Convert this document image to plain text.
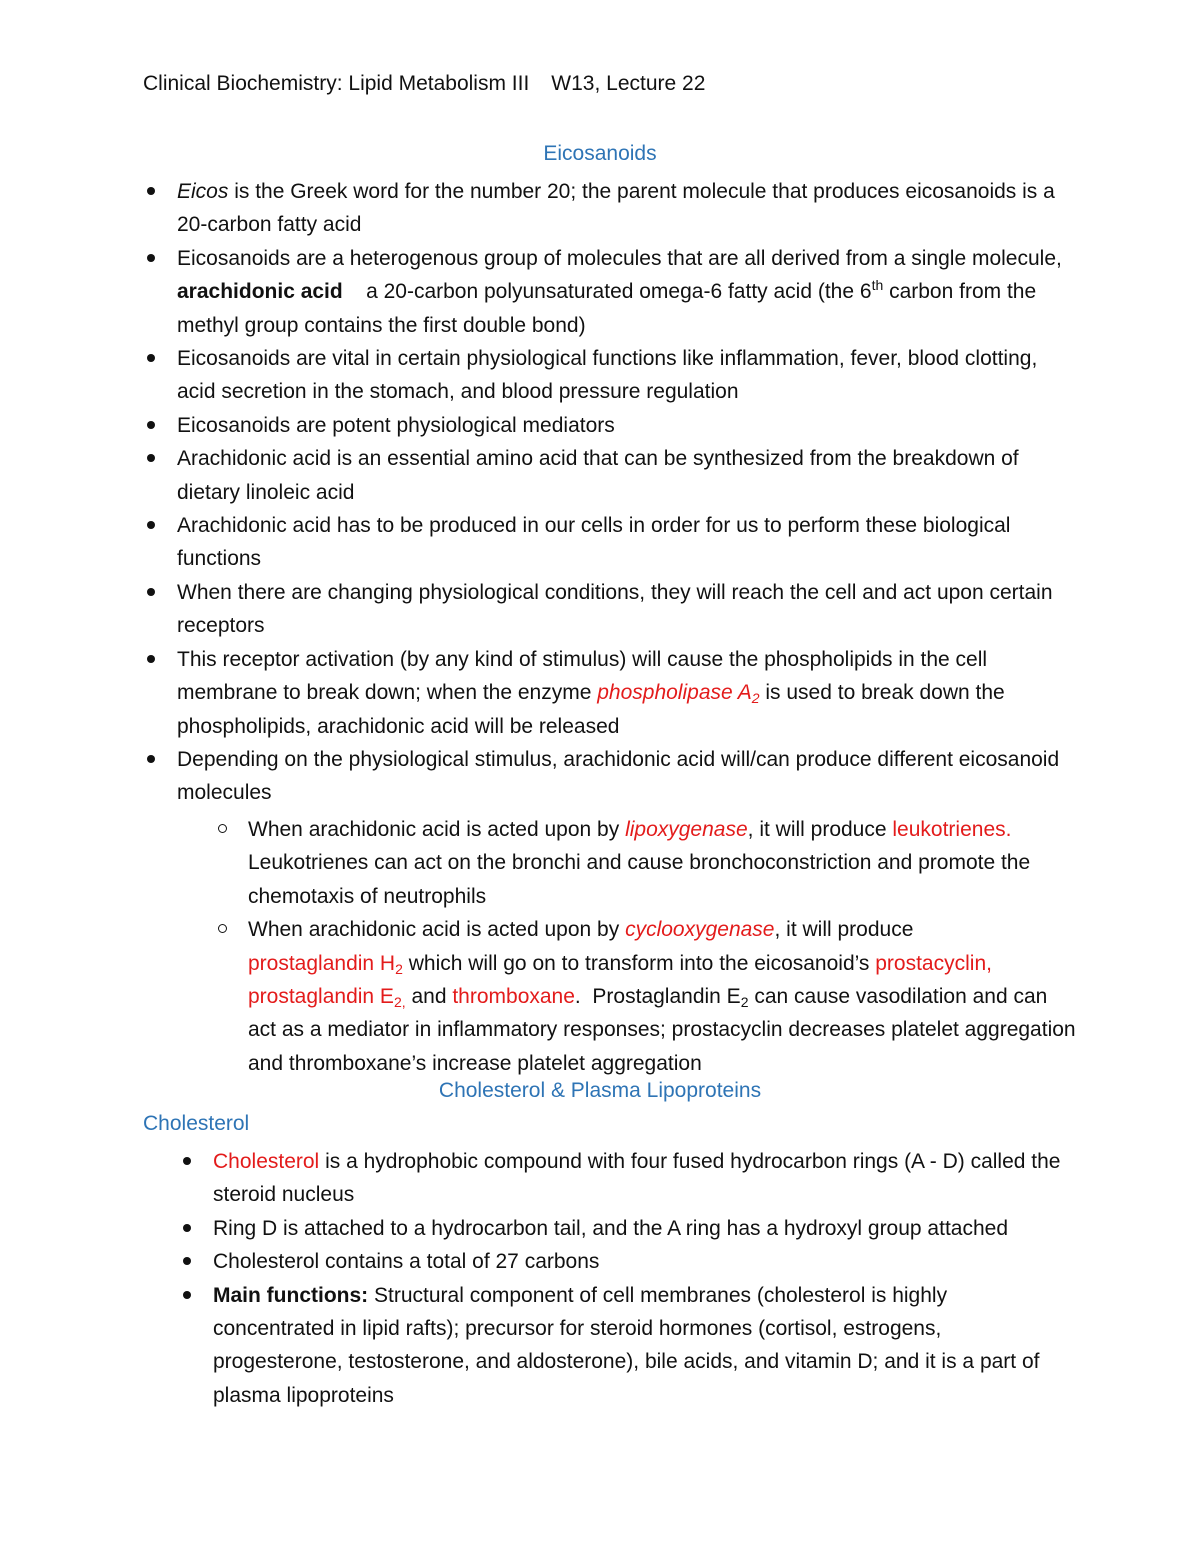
Clinical Biochemistry: Lipid Metabolism III W13, Lecture 22
Eicosanoids
Eicos is the Greek word for the number 20; the parent molecule that produces eicosanoids is a 20-carbon fatty acid
Eicosanoids are a heterogenous group of molecules that are all derived from a single molecule, arachidonic acid    a 20-carbon polyunsaturated omega-6 fatty acid (the 6th carbon from the methyl group contains the first double bond)
Eicosanoids are vital in certain physiological functions like inflammation, fever, blood clotting, acid secretion in the stomach, and blood pressure regulation
Eicosanoids are potent physiological mediators
Arachidonic acid is an essential amino acid that can be synthesized from the breakdown of dietary linoleic acid
Arachidonic acid has to be produced in our cells in order for us to perform these biological functions
When there are changing physiological conditions, they will reach the cell and act upon certain receptors
This receptor activation (by any kind of stimulus) will cause the phospholipids in the cell membrane to break down; when the enzyme phospholipase $A_2$ is used to break down the phospholipids, arachidonic acid will be released
Depending on the physiological stimulus, arachidonic acid will/can produce different eicosanoid molecules
When arachidonic acid is acted upon by lipoxygenase, it will produce leukotrienes. Leukotrienes can act on the bronchi and cause bronchoconstriction and promote the chemotaxis of neutrophils
When arachidonic acid is acted upon by cyclooxygenase, it will produce
prostaglandin $H_2$ which will go on to transform into the eicosanoid’s prostacyclin,
prostaglandin $E_{2,}$ and thromboxane.  Prostaglandin $E_2$ can cause vasodilation and can act as a mediator in inflammatory responses; prostacyclin decreases platelet aggregation and thromboxane’s increase platelet aggregation
Cholesterol & Plasma Lipoproteins
Cholesterol
Cholesterol is a hydrophobic compound with four fused hydrocarbon rings (A - D) called the steroid nucleus
Ring D is attached to a hydrocarbon tail, and the A ring has a hydroxyl group attached
Cholesterol contains a total of 27 carbons
Main functions: Structural component of cell membranes (cholesterol is highly concentrated in lipid rafts); precursor for steroid hormones (cortisol, estrogens, progesterone, testosterone, and aldosterone), bile acids, and vitamin D; and it is a part of plasma lipoproteins
